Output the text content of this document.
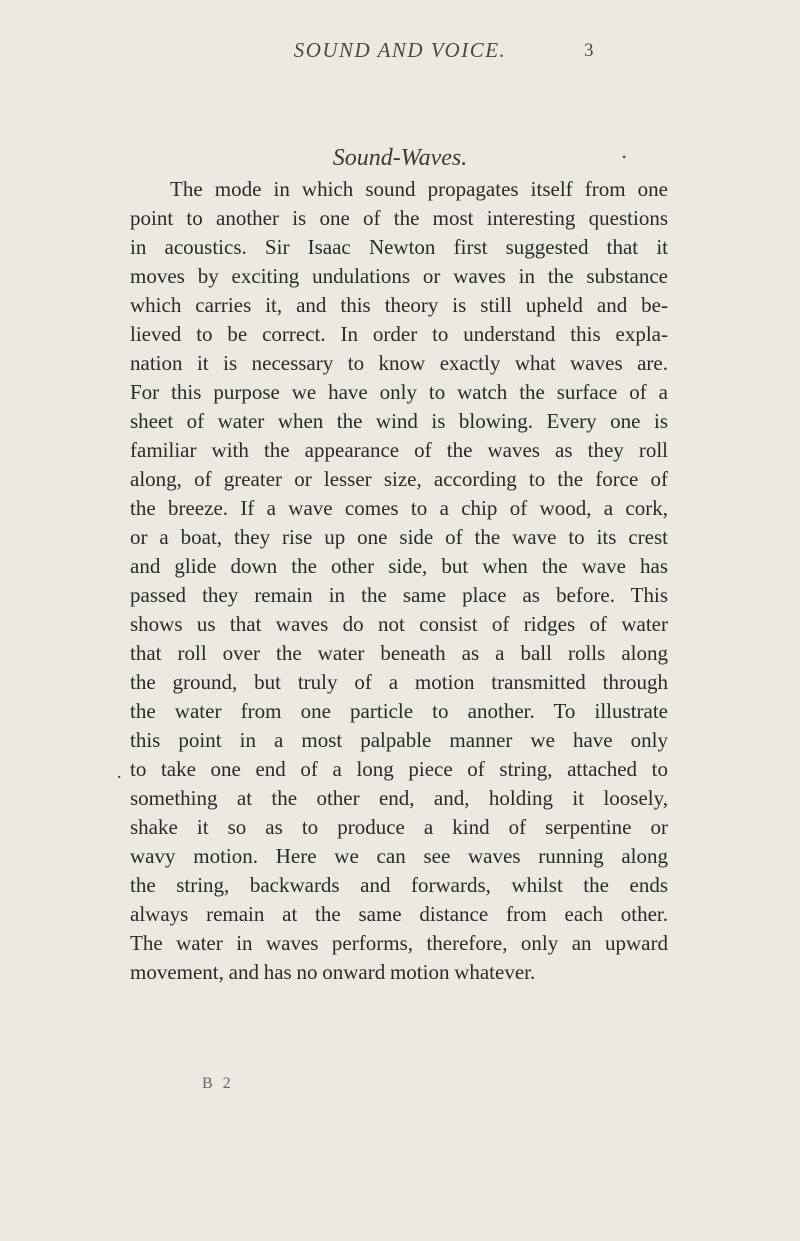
SOUND AND VOICE.	3
Sound-Waves.	•
The mode in which sound propagates itself from one
point to another is one of the most interesting questions
in acoustics. Sir Isaac Newton first suggested that it
moves by exciting undulations or waves in the substance
which carries it, and this theory is still upheld and be-
lieved to be correct. In order to understand this expla-
nation it is necessary to know exactly what waves are.
For this purpose we have only to watch the surface of a
sheet of water when the wind is blowing. Every one is
familiar with the appearance of the waves as they roll
along, of greater or lesser size, according to the force of
the breeze. If a wave comes to a chip of wood, a cork,
or a boat, they rise up one side of the wave to its crest
and glide down the other side, but when the wave has
passed they remain in the same place as before. This
shows us that waves do not consist of ridges of water
that roll over the water beneath as a ball rolls along
the ground, but truly of a motion transmitted through
the water from one particle to another. To illustrate
this point in a most palpable manner we have only
to take one end of a long piece of string, attached to
something at the other end, and, holding it loosely,
shake it so as to produce a kind of serpentine or
wavy motion. Here we can see waves running along
the string, backwards and forwards, whilst the ends
always remain at the same distance from each other.
The water in waves performs, therefore, only an upward
movement, and has no onward motion whatever.
.
B 2
